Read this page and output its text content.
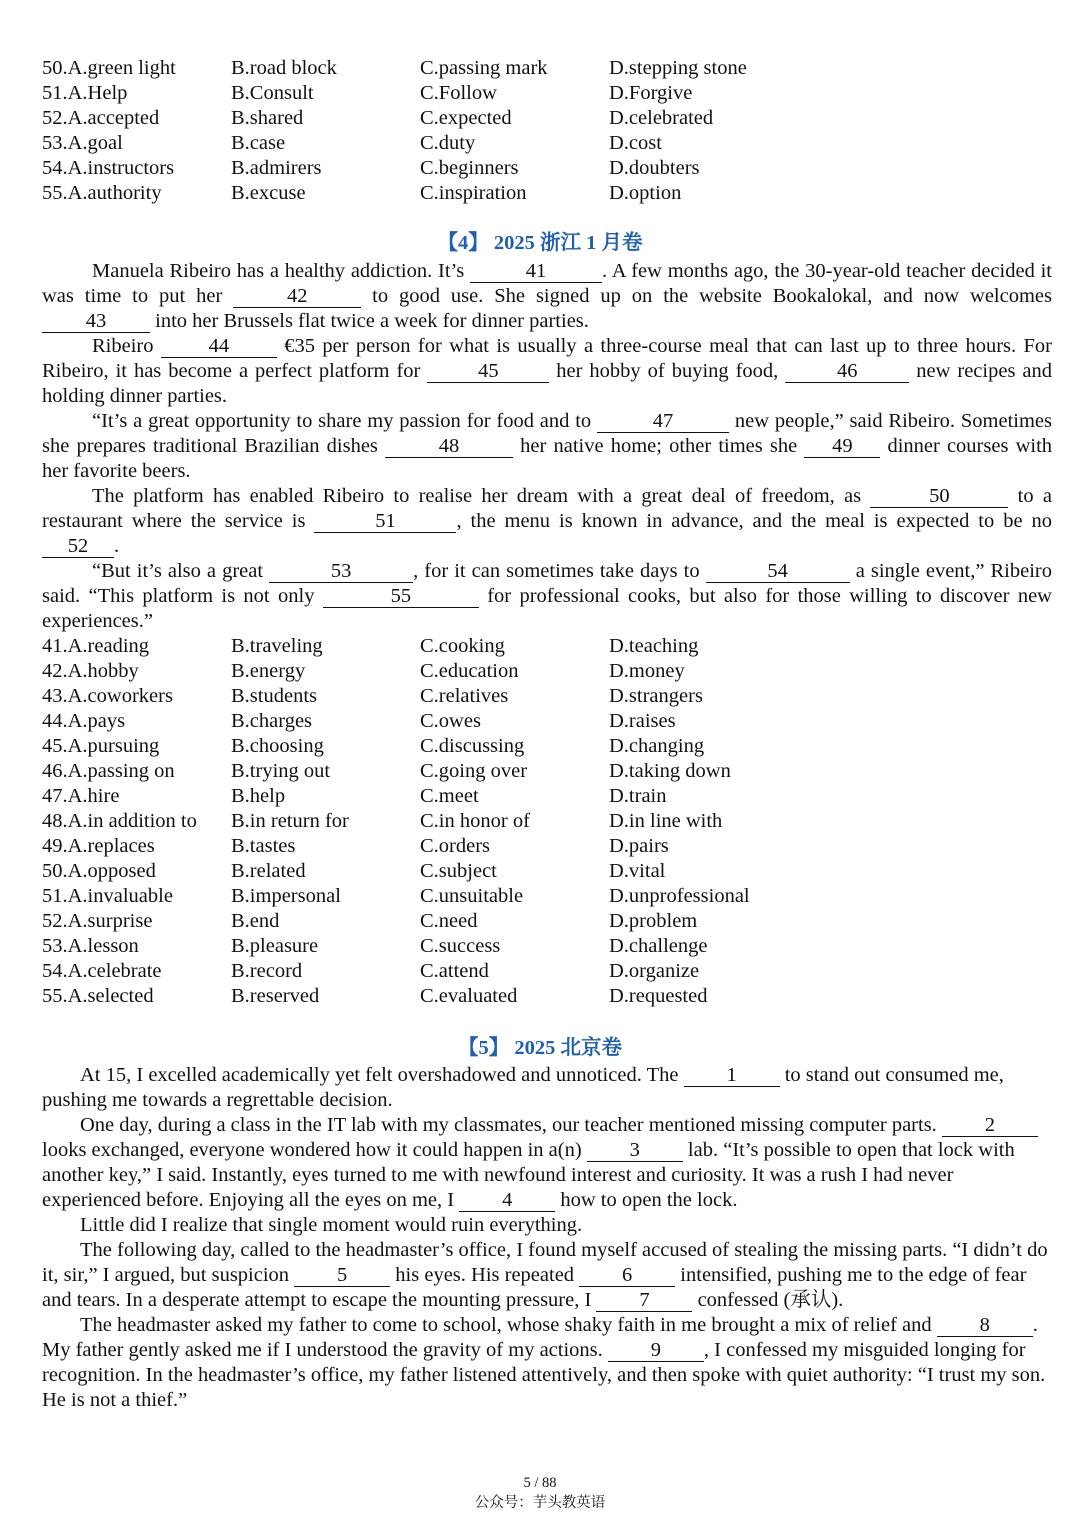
50.A.green light	B.road block	C.passing mark	D.stepping stone
51.A.Help	B.Consult	C.Follow	D.Forgive
52.A.accepted	B.shared	C.expected	D.celebrated
53.A.goal	B.case	C.duty	D.cost
54.A.instructors	B.admirers	C.beginners	D.doubters
55.A.authority	B.excuse	C.inspiration	D.option
【4】 2025 浙江 1 月卷

Manuela Ribeiro has a healthy addiction. It’s	41	. A few months ago, the 30-year-old teacher decided it was time to put her	42	to good use. She signed up on the website Bookalokal, and now welcomes 43 into her Brussels flat twice a week for dinner parties.

Ribeiro 44 €35 per person for what is usually a three-course meal that can last up to three hours. For Ribeiro, it has become a perfect platform for 45 her hobby of buying food,	46	new recipes and holding dinner parties.

“It’s a great opportunity to share my passion for food and to	47	new people,” said Ribeiro. Sometimes she prepares traditional Brazilian dishes	48	her native home; other times she 49 dinner courses with her favorite beers.

The platform has enabled Ribeiro to realise her dream with a great deal of freedom, as	50	to a restaurant where the service is	51	, the menu is known in advance, and the meal is expected to be no 52 .

“But it’s also a great	53	, for it can sometimes take days to	54	a single event,” Ribeiro said. “This platform is not only	55	for professional cooks, but also for those willing to discover new experiences.”

41.A.reading	B.traveling	C.cooking	D.teaching
42.A.hobby	B.energy	C.education	D.money
43.A.coworkers	B.students	C.relatives	D.strangers
44.A.pays	B.charges	C.owes	D.raises
45.A.pursuing	B.choosing	C.discussing	D.changing
46.A.passing on	B.trying out	C.going over	D.taking down
47.A.hire	B.help	C.meet	D.train
48.A.in addition to B.in return for	C.in honor of	D.in line with
49.A.replaces	B.tastes	C.orders	D.pairs
50.A.opposed	B.related	C.subject	D.vital
51.A.invaluable	B.impersonal	C.unsuitable	D.unprofessional
52.A.surprise	B.end	C.need	D.problem
53.A.lesson	B.pleasure	C.success	D.challenge
54.A.celebrate	B.record	C.attend	D.organize
55.A.selected	B.reserved	C.evaluated	D.requested
【5】 2025 北京卷

At 15, I excelled academically yet felt overshadowed and unnoticed. The 1 to stand out consumed me, pushing me towards a regrettable decision.

One day, during a class in the IT lab with my classmates, our teacher mentioned missing computer parts. 2 looks exchanged, everyone wondered how it could happen in a(n) 3 lab. “It’s possible to open that lock with another key,” I said. Instantly, eyes turned to me with newfound interest and curiosity. It was a rush I had never experienced before. Enjoying all the eyes on me, I 4 how to open the lock.

Little did I realize that single moment would ruin everything.

The following day, called to the headmaster’s office, I found myself accused of stealing the missing parts. “I didn’t do it, sir,” I argued, but suspicion 5 his eyes. His repeated 6 intensified, pushing me to the edge of fear and tears. In a desperate attempt to escape the mounting pressure, I 7 confessed (承认).

The headmaster asked my father to come to school, whose shaky faith in me brought a mix of relief and 8 . My father gently asked me if I understood the gravity of my actions. 9 , I confessed my misguided longing for recognition. In the headmaster’s office, my father listened attentively, and then spoke with quiet authority: “I trust my son. He is not a thief.”

5 / 88
公众号：芋头教英语
